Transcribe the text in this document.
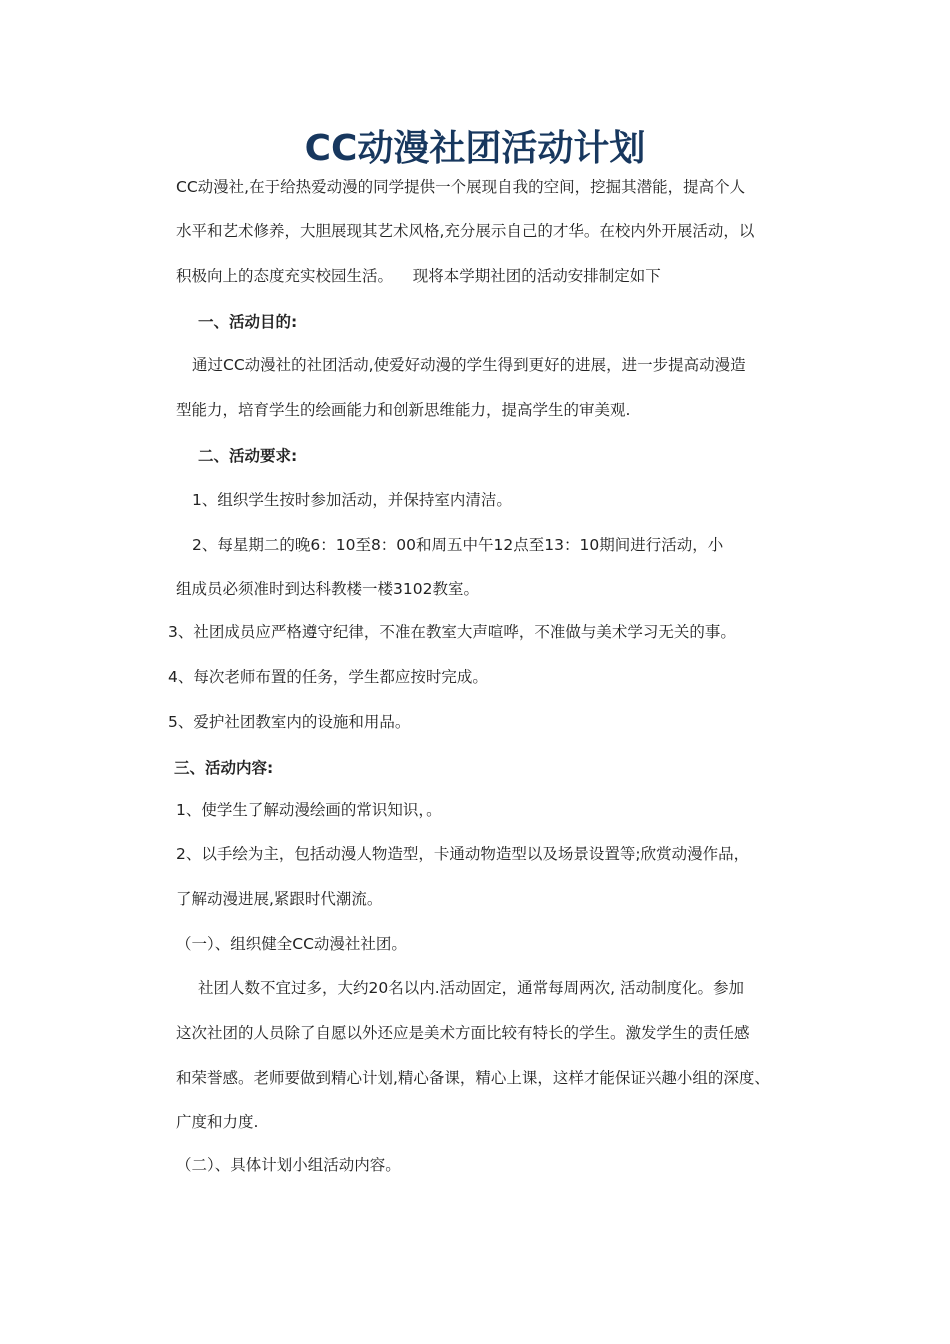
CC动漫社团活动计划
CC动漫社,在于给热爱动漫的同学提供一个展现自我的空间，挖掘其潜能，提高个人
水平和艺术修养，大胆展现其艺术风格,充分展示自己的才华。在校内外开展活动，以
积极向上的态度充实校园生活。    现将本学期社团的活动安排制定如下
一、活动目的:
通过CC动漫社的社团活动,使爱好动漫的学生得到更好的进展，进一步提高动漫造
型能力，培育学生的绘画能力和创新思维能力，提高学生的审美观.
二、活动要求:
1、组织学生按时参加活动，并保持室内清洁。
2、每星期二的晚6：10至8：00和周五中午12点至13：10期间进行活动，小
组成员必须准时到达科教楼一楼3102教室。
3、社团成员应严格遵守纪律，不准在教室大声喧哗，不准做与美术学习无关的事。
4、每次老师布置的任务，学生都应按时完成。
5、爱护社团教室内的设施和用品。
三、活动内容:
1、使学生了解动漫绘画的常识知识，。
2、以手绘为主，包括动漫人物造型，卡通动物造型以及场景设置等;欣赏动漫作品，
了解动漫进展,紧跟时代潮流。
（一）、组织健全CC动漫社社团。
社团人数不宜过多，大约20名以内.活动固定，通常每周两次, 活动制度化。参加
这次社团的人员除了自愿以外还应是美术方面比较有特长的学生。激发学生的责任感
和荣誉感。老师要做到精心计划,精心备课，精心上课，这样才能保证兴趣小组的深度、
广度和力度.
（二）、具体计划小组活动内容。
